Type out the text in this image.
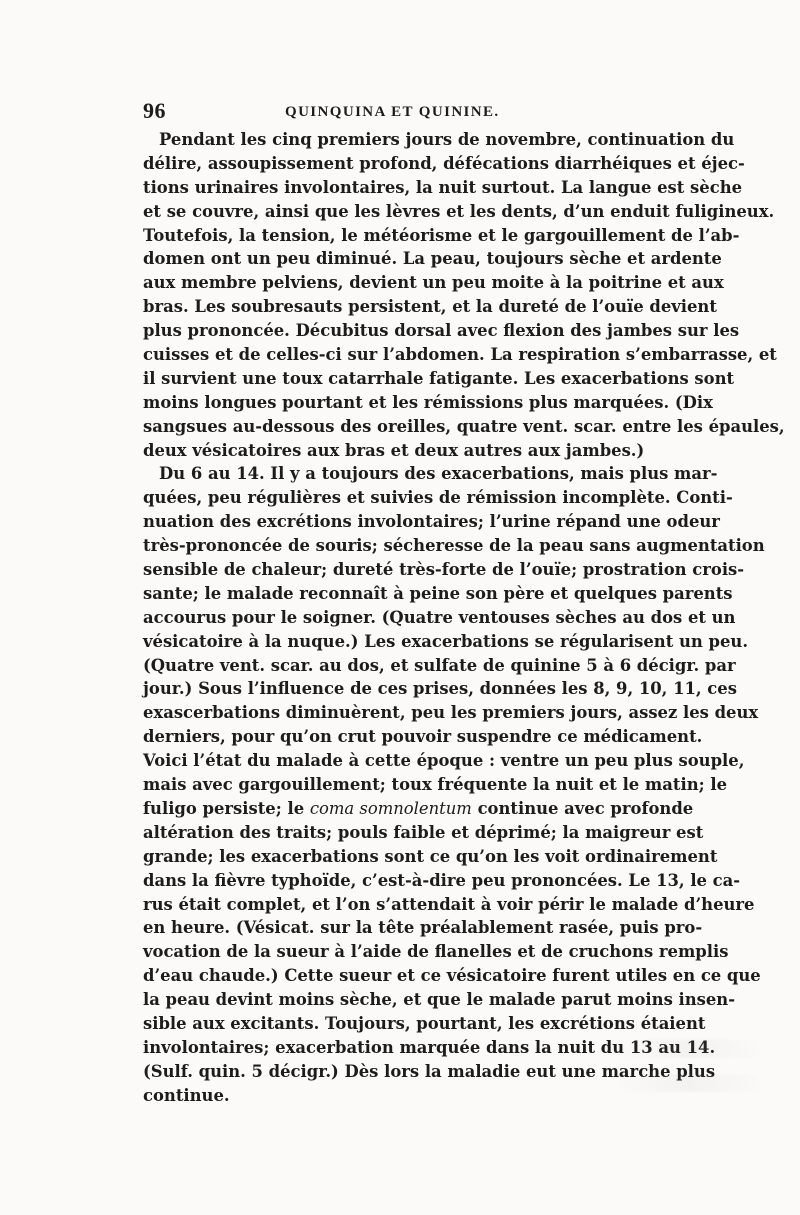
96	QUINQUINA ET QUININE.
Pendant les cinq premiers jours de novembre, continuation du
délire, assoupissement profond, défécations diarrhéiques et éjec-
tions urinaires involontaires, la nuit surtout. La langue est sèche
et se couvre, ainsi que les lèvres et les dents, d’un enduit fuligineux.
Toutefois, la tension, le météorisme et le gargouillement de l’ab-
domen ont un peu diminué. La peau, toujours sèche et ardente
aux membre pelviens, devient un peu moite à la poitrine et aux
bras. Les soubresauts persistent, et la dureté de l’ouïe devient
plus prononcée. Décubitus dorsal avec flexion des jambes sur les
cuisses et de celles-ci sur l’abdomen. La respiration s’embarrasse, et
il survient une toux catarrhale fatigante. Les exacerbations sont
moins longues pourtant et les rémissions plus marquées. (Dix
sangsues au-dessous des oreilles, quatre vent. scar. entre les épaules,
deux vésicatoires aux bras et deux autres aux jambes.)
Du 6 au 14. Il y a toujours des exacerbations, mais plus mar-
quées, peu régulières et suivies de rémission incomplète. Conti-
nuation des excrétions involontaires; l’urine répand une odeur
très-prononcée de souris; sécheresse de la peau sans augmentation
sensible de chaleur; dureté très-forte de l’ouïe; prostration crois-
sante; le malade reconnaît à peine son père et quelques parents
accourus pour le soigner. (Quatre ventouses sèches au dos et un
vésicatoire à la nuque.) Les exacerbations se régularisent un peu.
(Quatre vent. scar. au dos, et sulfate de quinine 5 à 6 décigr. par
jour.) Sous l’influence de ces prises, données les 8, 9, 10, 11, ces
exascerbations diminuèrent, peu les premiers jours, assez les deux
derniers, pour qu’on crut pouvoir suspendre ce médicament.
Voici l’état du malade à cette époque : ventre un peu plus souple,
mais avec gargouillement; toux fréquente la nuit et le matin; le
fuligo persiste; le coma somnolentum continue avec profonde
altération des traits; pouls faible et déprimé; la maigreur est
grande; les exacerbations sont ce qu’on les voit ordinairement
dans la fièvre typhoïde, c’est-à-dire peu prononcées. Le 13, le ca-
rus était complet, et l’on s’attendait à voir périr le malade d’heure
en heure. (Vésicat. sur la tête préalablement rasée, puis pro-
vocation de la sueur à l’aide de flanelles et de cruchons remplis
d’eau chaude.) Cette sueur et ce vésicatoire furent utiles en ce que
la peau devint moins sèche, et que le malade parut moins insen-
sible aux excitants. Toujours, pourtant, les excrétions étaient
involontaires; exacerbation marquée dans la nuit du 13 au 14.
(Sulf. quin. 5 décigr.) Dès lors la maladie eut une marche plus
continue.
